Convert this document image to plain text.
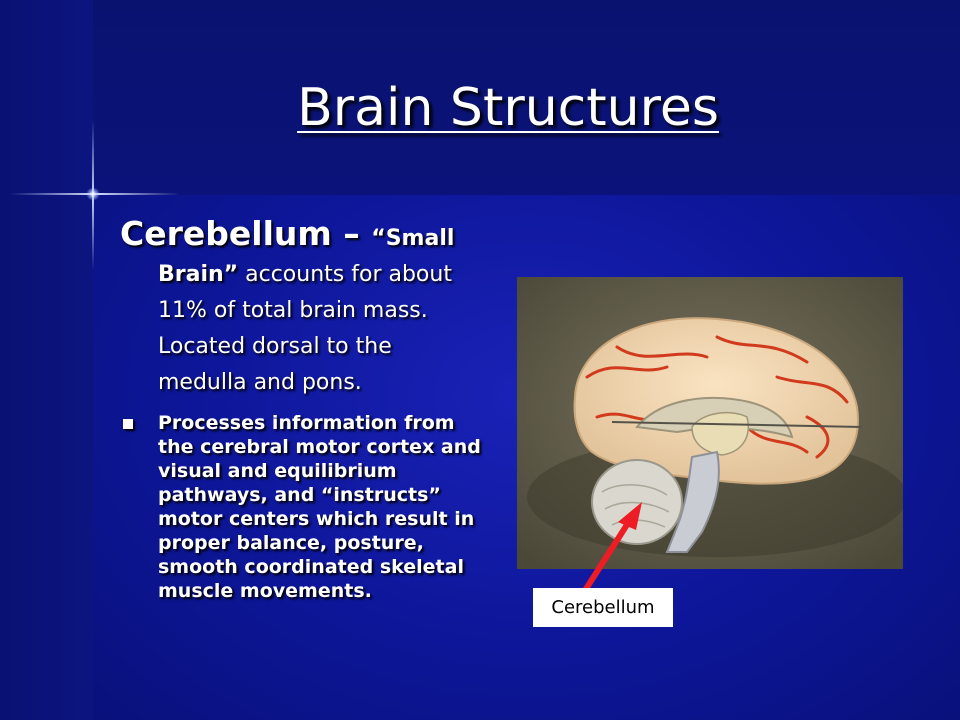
Brain Structures

Cerebellum – “Small

Brain” accounts for about

11% of total brain mass.

Located dorsal to the

medulla and pons.

Processes information from the cerebral motor cortex and visual and equilibrium pathways, and “instructs” motor centers which result in proper balance, posture, smooth coordinated skeletal muscle movements.
Cerebellum
